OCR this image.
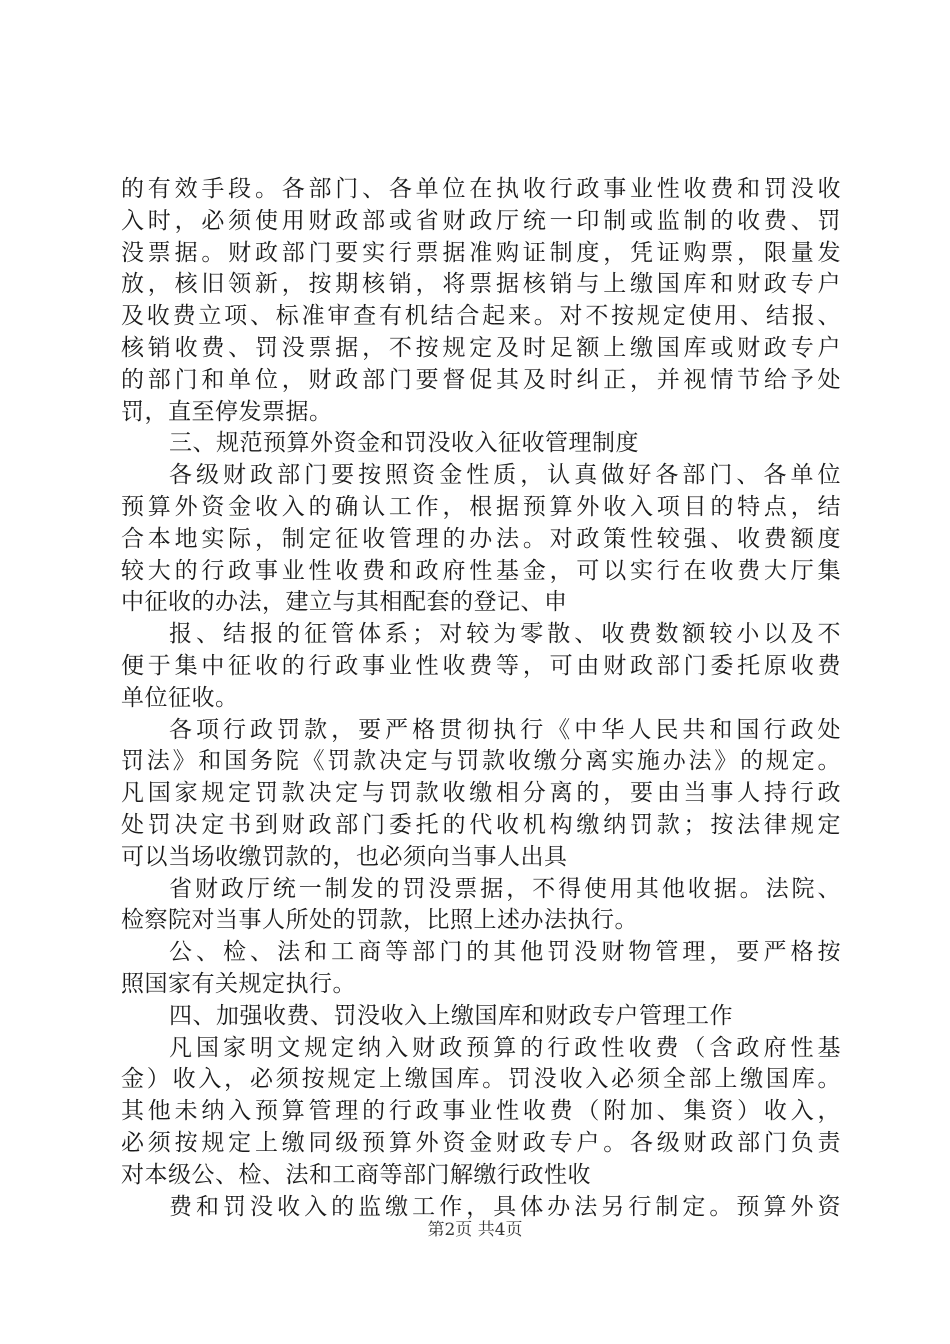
的有效手段。各部门、各单位在执收行政事业性收费和罚没收
入时，必须使用财政部或省财政厅统一印制或监制的收费、罚
没票据。财政部门要实行票据准购证制度，凭证购票，限量发
放，核旧领新，按期核销，将票据核销与上缴国库和财政专户
及收费立项、标准审查有机结合起来。对不按规定使用、结报、
核销收费、罚没票据，不按规定及时足额上缴国库或财政专户
的部门和单位，财政部门要督促其及时纠正，并视情节给予处
罚，直至停发票据。
三、规范预算外资金和罚没收入征收管理制度
各级财政部门要按照资金性质，认真做好各部门、各单位
预算外资金收入的确认工作，根据预算外收入项目的特点，结
合本地实际，制定征收管理的办法。对政策性较强、收费额度
较大的行政事业性收费和政府性基金，可以实行在收费大厅集
中征收的办法，建立与其相配套的登记、申
报、结报的征管体系；对较为零散、收费数额较小以及不
便于集中征收的行政事业性收费等，可由财政部门委托原收费
单位征收。
各项行政罚款，要严格贯彻执行《中华人民共和国行政处
罚法》和国务院《罚款决定与罚款收缴分离实施办法》的规定。
凡国家规定罚款决定与罚款收缴相分离的，要由当事人持行政
处罚决定书到财政部门委托的代收机构缴纳罚款；按法律规定
可以当场收缴罚款的，也必须向当事人出具
省财政厅统一制发的罚没票据，不得使用其他收据。法院、
检察院对当事人所处的罚款，比照上述办法执行。
公、检、法和工商等部门的其他罚没财物管理，要严格按
照国家有关规定执行。
四、加强收费、罚没收入上缴国库和财政专户管理工作
凡国家明文规定纳入财政预算的行政性收费（含政府性基
金）收入，必须按规定上缴国库。罚没收入必须全部上缴国库。
其他未纳入预算管理的行政事业性收费（附加、集资）收入，
必须按规定上缴同级预算外资金财政专户。各级财政部门负责
对本级公、检、法和工商等部门解缴行政性收
费和罚没收入的监缴工作，具体办法另行制定。预算外资
第2页 共4页
